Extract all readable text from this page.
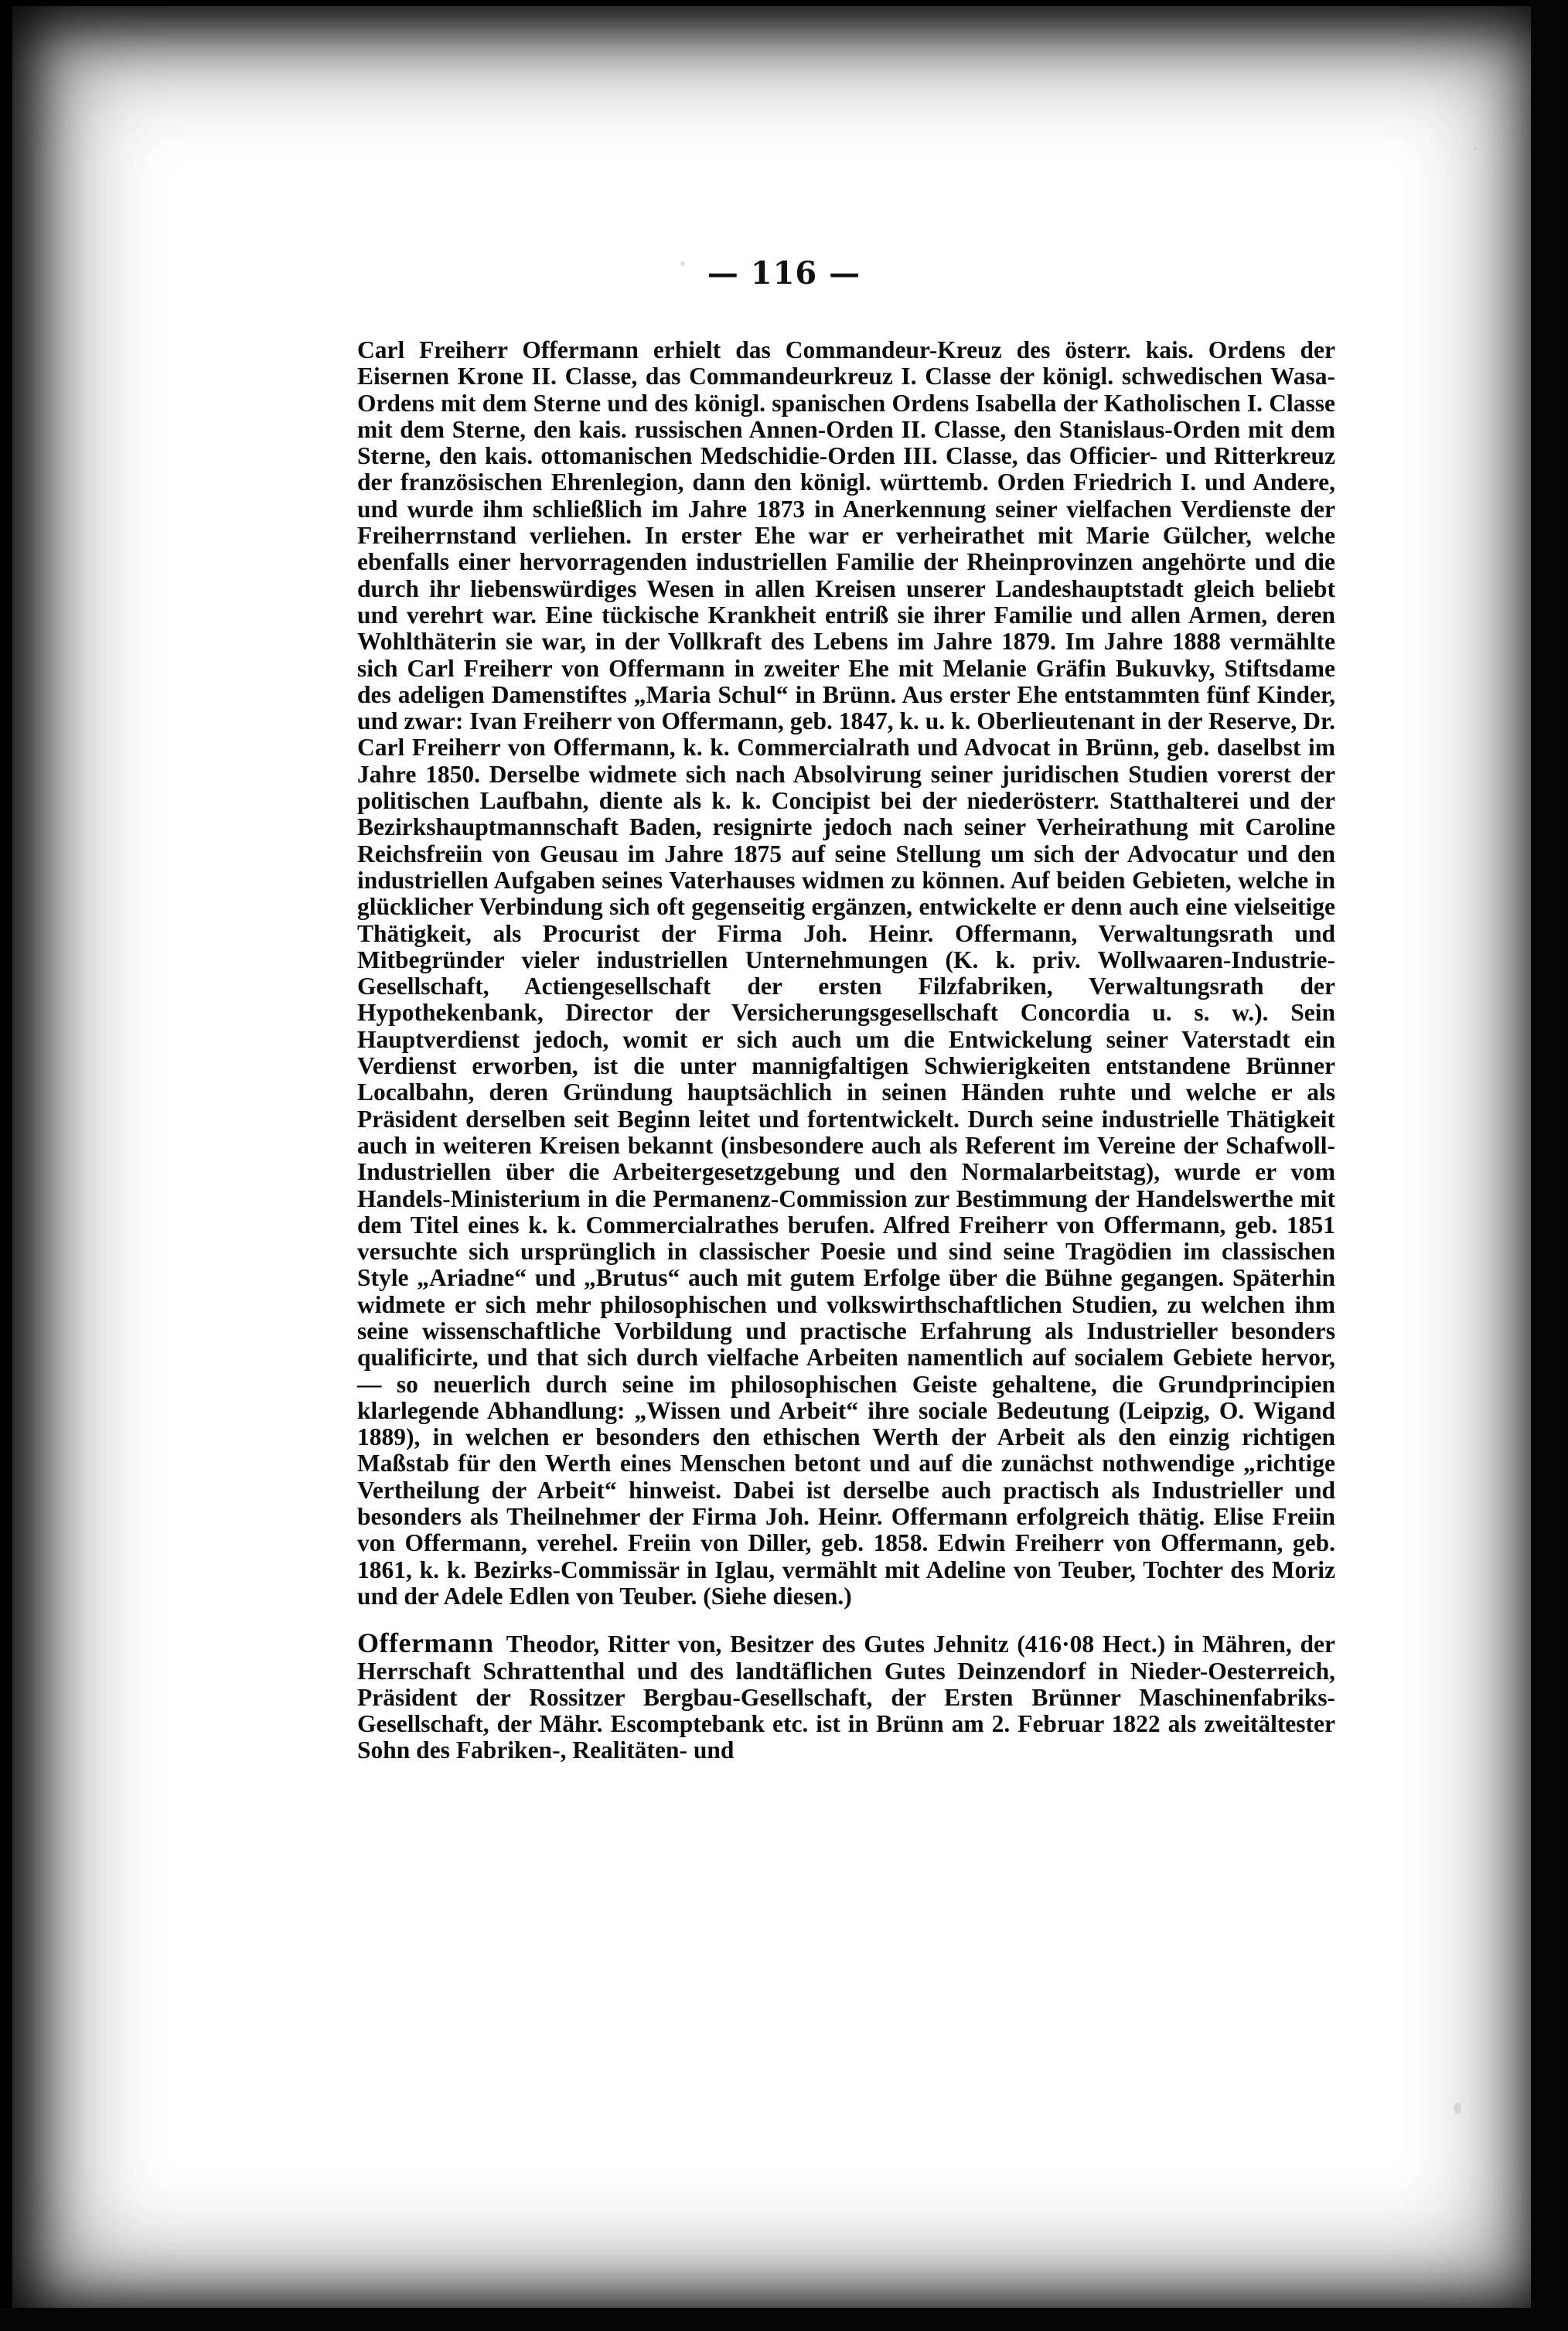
— 116 —

Carl Freiherr Offermann erhielt das Commandeur-Kreuz des österr. kais. Ordens der Eisernen Krone II. Classe, das Commandeurkreuz I. Classe der königl. schwedischen Wasa-Ordens mit dem Sterne und des königl. spanischen Ordens Isabella der Katholischen I. Classe mit dem Sterne, den kais. russischen Annen-Orden II. Classe, den Stanislaus-Orden mit dem Sterne, den kais. ottomanischen Medschidie-Orden III. Classe, das Officier- und Ritterkreuz der französischen Ehrenlegion, dann den königl. württemb. Orden Friedrich I. und Andere, und wurde ihm schließlich im Jahre 1873 in Anerkennung seiner vielfachen Verdienste der Freiherrnstand verliehen. In erster Ehe war er verheirathet mit Marie Gülcher, welche ebenfalls einer hervorragenden industriellen Familie der Rheinprovinzen angehörte und die durch ihr liebenswürdiges Wesen in allen Kreisen unserer Landeshauptstadt gleich beliebt und verehrt war. Eine tückische Krankheit entriß sie ihrer Familie und allen Armen, deren Wohlthäterin sie war, in der Vollkraft des Lebens im Jahre 1879. Im Jahre 1888 vermählte sich Carl Freiherr von Offermann in zweiter Ehe mit Melanie Gräfin Bukuvky, Stiftsdame des adeligen Damenstiftes „Maria Schul“ in Brünn. Aus erster Ehe entstammten fünf Kinder, und zwar: Ivan Freiherr von Offermann, geb. 1847, k. u. k. Oberlieutenant in der Reserve, Dr. Carl Freiherr von Offermann, k. k. Commercialrath und Advocat in Brünn, geb. daselbst im Jahre 1850. Derselbe widmete sich nach Absolvirung seiner juridischen Studien vorerst der politischen Laufbahn, diente als k. k. Concipist bei der niederösterr. Statthalterei und der Bezirkshauptmannschaft Baden, resignirte jedoch nach seiner Verheirathung mit Caroline Reichsfreiin von Geusau im Jahre 1875 auf seine Stellung um sich der Advocatur und den industriellen Aufgaben seines Vaterhauses widmen zu können. Auf beiden Gebieten, welche in glücklicher Verbindung sich oft gegenseitig ergänzen, entwickelte er denn auch eine vielseitige Thätigkeit, als Procurist der Firma Joh. Heinr. Offermann, Verwaltungsrath und Mitbegründer vieler industriellen Unternehmungen (K. k. priv. Wollwaaren-Industrie-Gesellschaft, Actiengesellschaft der ersten Filzfabriken, Verwaltungsrath der Hypothekenbank, Director der Versicherungsgesellschaft Concordia u. s. w.). Sein Hauptverdienst jedoch, womit er sich auch um die Entwickelung seiner Vaterstadt ein Verdienst erworben, ist die unter mannigfaltigen Schwierigkeiten entstandene Brünner Localbahn, deren Gründung hauptsächlich in seinen Händen ruhte und welche er als Präsident derselben seit Beginn leitet und fortentwickelt. Durch seine industrielle Thätigkeit auch in weiteren Kreisen bekannt (insbesondere auch als Referent im Vereine der Schafwoll-Industriellen über die Arbeitergesetzgebung und den Normalarbeitstag), wurde er vom Handels-Ministerium in die Permanenz-Commission zur Bestimmung der Handelswerthe mit dem Titel eines k. k. Commercialrathes berufen. Alfred Freiherr von Offermann, geb. 1851 versuchte sich ursprünglich in classischer Poesie und sind seine Tragödien im classischen Style „Ariadne“ und „Brutus“ auch mit gutem Erfolge über die Bühne gegangen. Späterhin widmete er sich mehr philosophischen und volkswirthschaftlichen Studien, zu welchen ihm seine wissenschaftliche Vorbildung und practische Erfahrung als Industrieller besonders qualificirte, und that sich durch vielfache Arbeiten namentlich auf socialem Gebiete hervor, — so neuerlich durch seine im philosophischen Geiste gehaltene, die Grundprincipien klarlegende Abhandlung: „Wissen und Arbeit“ ihre sociale Bedeutung (Leipzig, O. Wigand 1889), in welchen er besonders den ethischen Werth der Arbeit als den einzig richtigen Maßstab für den Werth eines Menschen betont und auf die zunächst nothwendige „richtige Vertheilung der Arbeit“ hinweist. Dabei ist derselbe auch practisch als Industrieller und besonders als Theilnehmer der Firma Joh. Heinr. Offermann erfolgreich thätig. Elise Freiin von Offermann, verehel. Freiin von Diller, geb. 1858. Edwin Freiherr von Offermann, geb. 1861, k. k. Bezirks-Commissär in Iglau, vermählt mit Adeline von Teuber, Tochter des Moriz und der Adele Edlen von Teuber. (Siehe diesen.)

Offermann Theodor, Ritter von, Besitzer des Gutes Jehnitz (416·08 Hect.) in Mähren, der Herrschaft Schrattenthal und des landtäflichen Gutes Deinzendorf in Nieder-Oesterreich, Präsident der Rossitzer Bergbau-Gesellschaft, der Ersten Brünner Maschinenfabriks-Gesellschaft, der Mähr. Escomptebank etc. ist in Brünn am 2. Februar 1822 als zweitältester Sohn des Fabriken-, Realitäten- und
